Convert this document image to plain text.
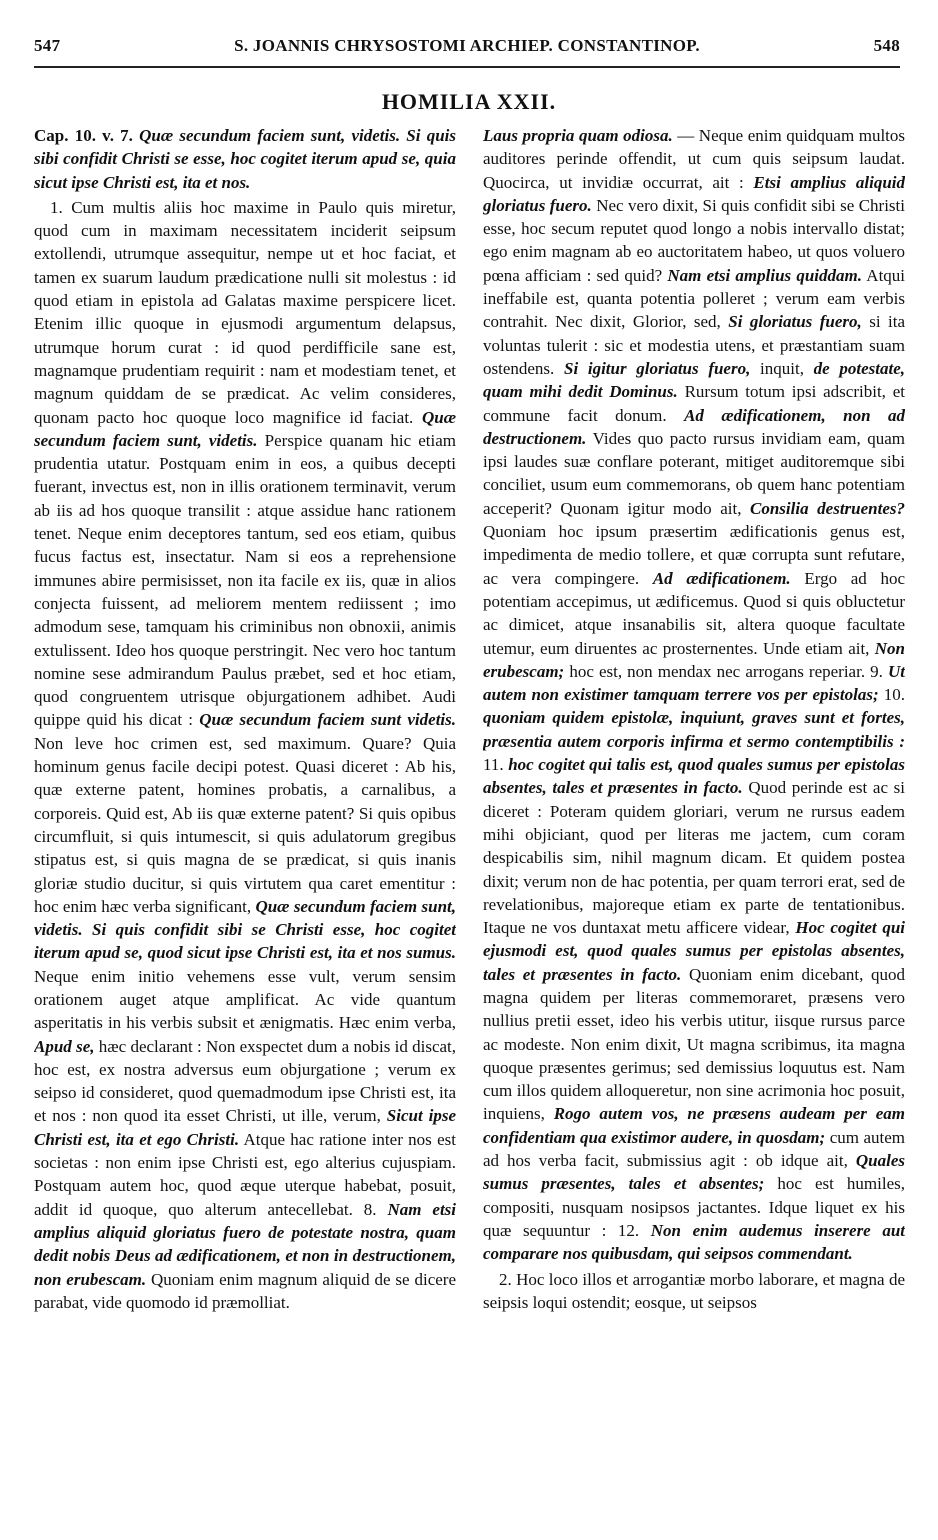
547	S. JOANNIS CHRYSOSTOMI ARCHIEP. CONSTANTINOP.	548
HOMILIA XXII.

Cap. 10. v. 7. Quæ secundum faciem sunt, videtis. Si quis sibi confidit Christi se esse, hoc cogitet iterum apud se, quia sicut ipse Christi est, ita et nos.

1. Cum multis aliis hoc maxime in Paulo quis miretur, quod cum in maximam necessitatem inciderit seipsum extollendi, utrumque assequitur, nempe ut et hoc faciat, et tamen ex suarum laudum prædicatione nulli sit molestus : id quod etiam in epistola ad Galatas maxime perspicere licet. Etenim illic quoque in ejusmodi argumentum delapsus, utrumque horum curat : id quod perdifficile sane est, magnamque prudentiam requirit : nam et modestiam tenet, et magnum quiddam de se prædicat. Ac velim consideres, quonam pacto hoc quoque loco magnifice id faciat. Quæ secundum faciem sunt, videtis. Perspice quanam hic etiam prudentia utatur. Postquam enim in eos, a quibus decepti fuerant, invectus est, non in illis orationem terminavit, verum ab iis ad hos quoque transilit : atque assidue hanc rationem tenet. Neque enim deceptores tantum, sed eos etiam, quibus fucus factus est, insectatur. Nam si eos a reprehensione immunes abire permisisset, non ita facile ex iis, quæ in alios conjecta fuissent, ad meliorem mentem rediissent ; imo admodum sese, tamquam his criminibus non obnoxii, animis extulissent. Ideo hos quoque perstringit. Nec vero hoc tantum nomine sese admirandum Paulus præbet, sed et hoc etiam, quod congruentem utrisque objurgationem adhibet. Audi quippe quid his dicat : Quæ secundum faciem sunt videtis. Non leve hoc crimen est, sed maximum. Quare? Quia hominum genus facile decipi potest. Quasi diceret : Ab his, quæ externe patent, homines probatis, a carnalibus, a corporeis. Quid est, Ab iis quæ externe patent? Si quis opibus circumfluit, si quis intumescit, si quis adulatorum gregibus stipatus est, si quis magna de se prædicat, si quis inanis gloriæ studio ducitur, si quis virtutem qua caret ementitur : hoc enim hæc verba significant, Quæ secundum faciem sunt, videtis. Si quis confidit sibi se Christi esse, hoc cogitet iterum apud se, quod sicut ipse Christi est, ita et nos sumus. Neque enim initio vehemens esse vult, verum sensim orationem auget atque amplificat. Ac vide quantum asperitatis in his verbis subsit et ænigmatis. Hæc enim verba, Apud se, hæc declarant : Non exspectet dum a nobis id discat, hoc est, ex nostra adversus eum objurgatione ; verum ex seipso id consideret, quod quemadmodum ipse Christi est, ita et nos : non quod ita esset Christi, ut ille, verum, Sicut ipse Christi est, ita et ego Christi. Atque hac ratione inter nos est societas : non enim ipse Christi est, ego alterius cujuspiam. Postquam autem hoc, quod æque uterque habebat, posuit, addit id quoque, quo alterum antecellebat. 8. Nam etsi amplius aliquid gloriatus fuero de potestate nostra, quam dedit nobis Deus ad ædificationem, et non in destructionem, non erubescam. Quoniam enim magnum aliquid de se dicere parabat, vide quomodo id præmolliat.

Laus propria quam odiosa. — Neque enim quidquam multos auditores perinde offendit, ut cum quis seipsum laudat. Quocirca, ut invidiæ occurrat, ait : Etsi amplius aliquid gloriatus fuero. Nec vero dixit, Si quis confidit sibi se Christi esse, hoc secum reputet quod longo a nobis intervallo distat; ego enim magnam ab eo auctoritatem habeo, ut quos voluero pœna afficiam : sed quid? Nam etsi amplius quiddam. Atqui ineffabile est, quanta potentia polleret ; verum eam verbis contrahit. Nec dixit, Glorior, sed, Si gloriatus fuero, si ita voluntas tulerit : sic et modestia utens, et præstantiam suam ostendens. Si igitur gloriatus fuero, inquit, de potestate, quam mihi dedit Dominus. Rursum totum ipsi adscribit, et commune facit donum. Ad ædificationem, non ad destructionem. Vides quo pacto rursus invidiam eam, quam ipsi laudes suæ conflare poterant, mitiget auditoremque sibi conciliet, usum eum commemorans, ob quem hanc potentiam acceperit? Quonam igitur modo ait, Consilia destruentes? Quoniam hoc ipsum præsertim ædificationis genus est, impedimenta de medio tollere, et quæ corrupta sunt refutare, ac vera compingere. Ad ædificationem. Ergo ad hoc potentiam accepimus, ut ædificemus. Quod si quis obluctetur ac dimicet, atque insanabilis sit, altera quoque facultate utemur, eum diruentes ac prosternentes. Unde etiam ait, Non erubescam; hoc est, non mendax nec arrogans reperiar. 9. Ut autem non existimer tamquam terrere vos per epistolas; 10. quoniam quidem epistolæ, inquiunt, graves sunt et fortes, præsentia autem corporis infirma et sermo contemptibilis : 11. hoc cogitet qui talis est, quod quales sumus per epistolas absentes, tales et præsentes in facto. Quod perinde est ac si diceret : Poteram quidem gloriari, verum ne rursus eadem mihi objiciant, quod per literas me jactem, cum coram despicabilis sim, nihil magnum dicam. Et quidem postea dixit; verum non de hac potentia, per quam terrori erat, sed de revelationibus, majoreque etiam ex parte de tentationibus. Itaque ne vos duntaxat metu afficere videar, Hoc cogitet qui ejusmodi est, quod quales sumus per epistolas absentes, tales et præsentes in facto. Quoniam enim dicebant, quod magna quidem per literas commemoraret, præsens vero nullius pretii esset, ideo his verbis utitur, iisque rursus parce ac modeste. Non enim dixit, Ut magna scribimus, ita magna quoque præsentes gerimus; sed demissius loquutus est. Nam cum illos quidem alloqueretur, non sine acrimonia hoc posuit, inquiens, Rogo autem vos, ne præsens audeam per eam confidentiam qua existimor audere, in quosdam; cum autem ad hos verba facit, submissius agit : ob idque ait, Quales sumus præsentes, tales et absentes; hoc est humiles, compositi, nusquam nosipsos jactantes. Idque liquet ex his quæ sequuntur : 12. Non enim audemus inserere aut comparare nos quibusdam, qui seipsos commendant.

2. Hoc loco illos et arrogantiæ morbo laborare, et magna de seipsis loqui ostendit; eosque, ut seipsos
